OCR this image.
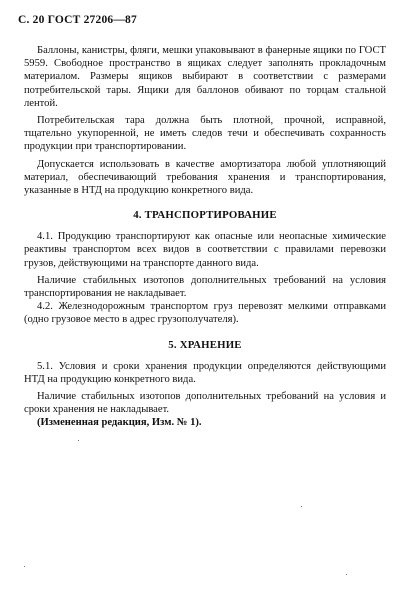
С. 20 ГОСТ 27206—87

Баллоны, канистры, фляги, мешки упаковывают в фанерные ящики по ГОСТ 5959. Свободное пространство в ящиках следует заполнять прокладочным материалом. Размеры ящиков выбирают в соответствии с размерами потребительской тары. Ящики для баллонов обивают по торцам стальной лентой.

Потребительская тара должна быть плотной, прочной, исправной, тщательно укупоренной, не иметь следов течи и обеспечивать сохранность продукции при транспортировании.

Допускается использовать в качестве амортизатора любой уплотняющий материал, обеспечивающий требования хранения и транспортирования, указанные в НТД на продукцию конкретного вида.

4. ТРАНСПОРТИРОВАНИЕ

4.1. Продукцию транспортируют как опасные или неопасные химические реактивы транспортом всех видов в соответствии с правилами перевозки грузов, действующими на транспорте данного вида.

Наличие стабильных изотопов дополнительных требований на условия транспортирования не накладывает.

4.2. Железнодорожным транспортом груз перевозят мелкими отправками (одно грузовое место в адрес грузополучателя).

5. ХРАНЕНИЕ

5.1. Условия и сроки хранения продукции определяются действующими НТД на продукцию конкретного вида.

Наличие стабильных изотопов дополнительных требований на условия и сроки хранения не накладывает.

(Измененная редакция, Изм. № 1).
